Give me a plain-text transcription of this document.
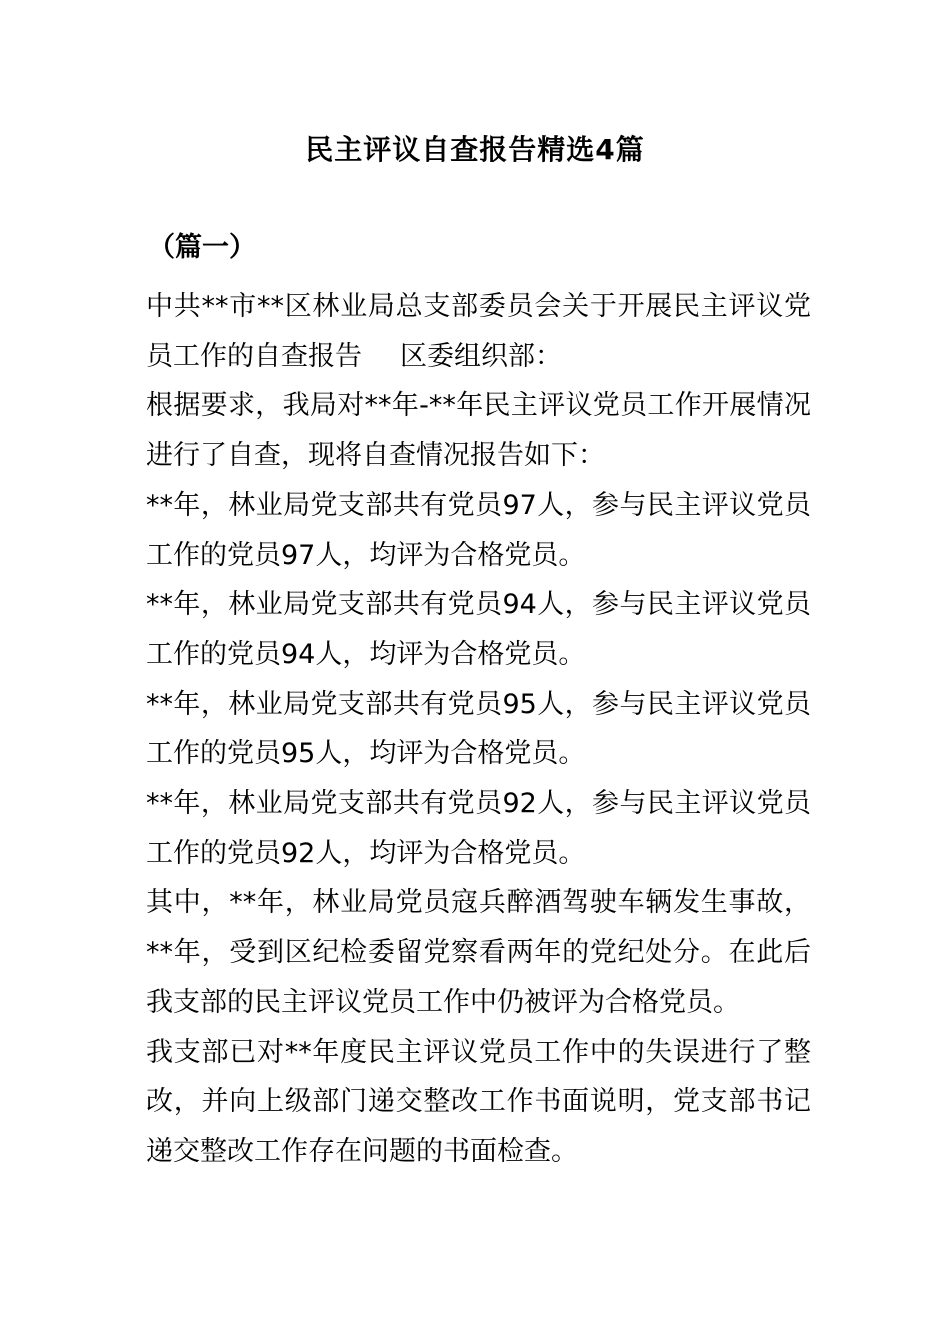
民主评议自查报告精选4篇
（篇一）

中共**市**区林业局总支部委员会关于开展民主评议党员工作的自查报告 区委组织部：

根据要求，我局对**年-**年民主评议党员工作开展情况进行了自查，现将自查情况报告如下：

**年，林业局党支部共有党员97人，参与民主评议党员工作的党员97人，均评为合格党员。

**年，林业局党支部共有党员94人，参与民主评议党员工作的党员94人，均评为合格党员。

**年，林业局党支部共有党员95人，参与民主评议党员工作的党员95人，均评为合格党员。

**年，林业局党支部共有党员92人，参与民主评议党员工作的党员92人，均评为合格党员。

其中，**年，林业局党员寇兵醉酒驾驶车辆发生事故，**年，受到区纪检委留党察看两年的党纪处分。在此后我支部的民主评议党员工作中仍被评为合格党员。

我支部已对**年度民主评议党员工作中的失误进行了整改，并向上级部门递交整改工作书面说明，党支部书记递交整改工作存在问题的书面检查。
